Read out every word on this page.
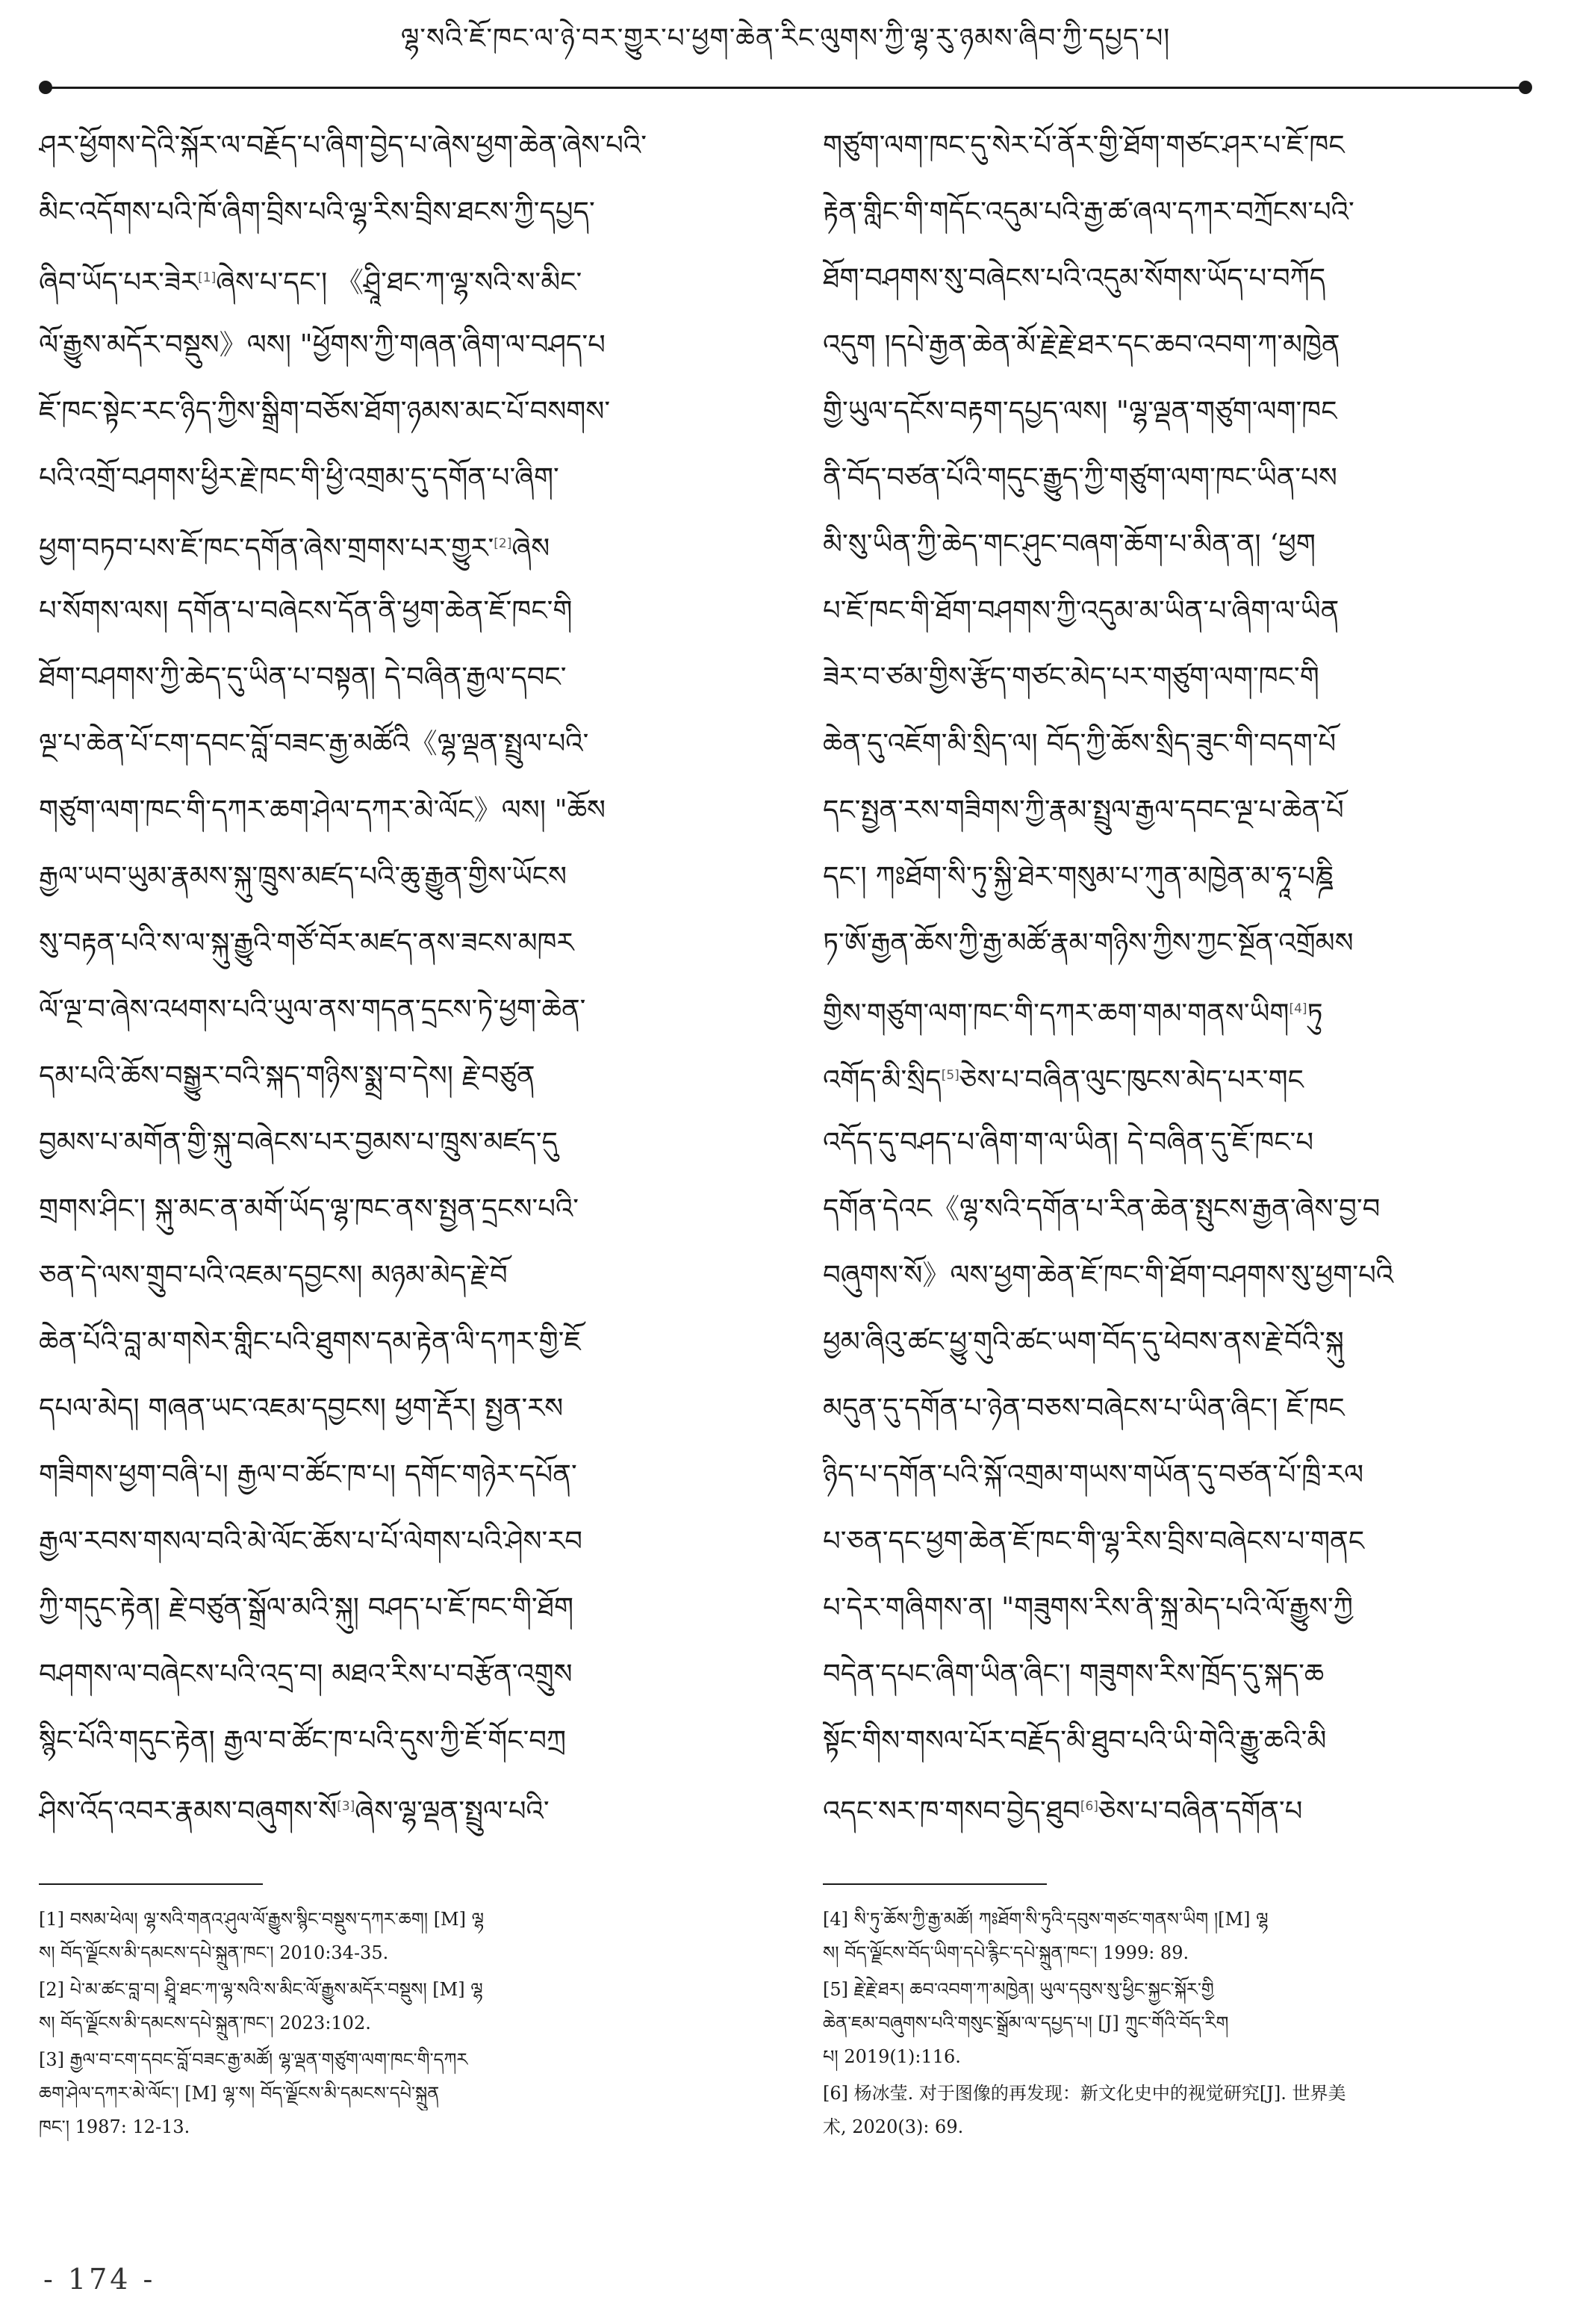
ལྷ་སའི་ཇོ་ཁང་ལ་ཉེ་བར་གྱུར་པ་ཕྱག་ཆེན་རིང་ལུགས་ཀྱི་ལྷ་རུ་ཉམས་ཞིབ་ཀྱི་དཔྱད་པ།
ཤར་ཕྱོགས་དེའི་སྐོར་ལ་བརྗོད་པ་ཞིག་བྱེད་པ་ཞེས་ཕྱག་ཆེན་ཞེས་པའི་
མིང་འདོགས་པའི་ཁོ་ཞིག་བྲིས་པའི་ལྷ་རིས་བྲིས་ཐངས་ཀྱི་དཔྱད་
ཞིབ་ཡོད་པར་ཟེར[1]ཞེས་པ་དང་། 《ཤྲཱི་ཐང་ཀ་ལྷ་སའི་ས་མིང་
ལོ་རྒྱུས་མདོར་བསྡུས》ལས། "ཕྱོགས་ཀྱི་གཞན་ཞིག་ལ་བཤད་པ
ཇོ་ཁང་སྟེང་རང་ཉིད་ཀྱིས་སྒྲིག་བཅོས་ཐོག་ཉམས་མང་པོ་བསགས་
པའི་འགྲོ་བཤགས་ཕྱིར་རྗེ་ཁང་གི་ཕྱི་འགྲམ་དུ་དགོན་པ་ཞིག་
ཕྱག་བཏབ་པས་ཇོ་ཁང་དགོན་ཞེས་གྲགས་པར་གྱུར་[2]ཞེས
པ་སོགས་ལས། དགོན་པ་བཞེངས་དོན་ནི་ཕྱག་ཆེན་ཇོ་ཁང་གི
ཐོག་བཤགས་ཀྱི་ཆེད་དུ་ཡིན་པ་བསྟན། དེ་བཞིན་རྒྱལ་དབང་
ལྔ་པ་ཆེན་པོ་ངག་དབང་བློ་བཟང་རྒྱ་མཚོའི《ལྷ་ལྡན་སྤྲུལ་པའི་
གཙུག་ལག་ཁང་གི་དཀར་ཆག་ཤེལ་དཀར་མེ་ལོང》ལས། "ཆོས
རྒྱལ་ཡབ་ཡུམ་རྣམས་སྐུ་ཁྲུས་མཛད་པའི་ཆུ་རྒྱུན་གྱིས་ཡོངས
སུ་བརྟན་པའི་ས་ལ་སྐུ་རྒྱུའི་གཙོ་བོར་མཛད་ནས་ཟངས་མཁར
ལོ་ལྔ་བ་ཞེས་འཕགས་པའི་ཡུལ་ནས་གདན་དྲངས་ཏེ་ཕྱག་ཆེན་
དམ་པའི་ཆོས་བསྒྱུར་བའི་སྐད་གཉིས་སྨྲ་བ་དེས། རྗེ་བཙུན
བྱམས་པ་མགོན་གྱི་སྐུ་བཞེངས་པར་བྱམས་པ་ཁྲུས་མཛད་དུ
གྲགས་ཤིང་། སྐུ་མང་ན་མགོ་ཡོད་ལྷ་ཁང་ནས་སྤྱན་དྲངས་པའི་
ཅན་དེ་ལས་གྲུབ་པའི་འཇམ་དབྱངས། མཉམ་མེད་རྗེ་བོ
ཆེན་པོའི་བླ་མ་གསེར་གླིང་པའི་ཐུགས་དམ་རྟེན་ལི་དཀར་གྱི་ཇོ
དཔལ་མེད། གཞན་ཡང་འཇམ་དབྱངས། ཕྱག་རྡོར། སྤྱན་རས
གཟིགས་ཕྱག་བཞི་པ། རྒྱལ་བ་ཚོང་ཁ་པ། དགོང་གཉེར་དཔོན་
རྒྱལ་རབས་གསལ་བའི་མེ་ལོང་ཆོས་པ་པོ་ལེགས་པའི་ཤེས་རབ
ཀྱི་གདུང་རྟེན། རྗེ་བཙུན་སྒྲོལ་མའི་སྐུ། བཤད་པ་ཇོ་ཁང་གི་ཐོག
བཤགས་ལ་བཞེངས་པའི་འདྲ་བ། མཐའ་རིས་པ་བརྩོན་འགྲུས
སྙིང་པོའི་གདུང་རྟེན། རྒྱལ་བ་ཚོང་ཁ་པའི་དུས་ཀྱི་ཇོ་གོང་བཀྲ
ཤིས་འོད་འབར་རྣམས་བཞུགས་སོ[3]ཞེས་ལྷ་ལྡན་སྤྲུལ་པའི་
གཙུག་ལག་ཁང་དུ་སེར་པོ་ནོར་གྱི་ཐོག་གཙང་ཤར་པ་ཇོ་ཁང
རྟེན་གླིང་གི་གདོང་འདུམ་པའི་རྒྱ་ཚ་ཞལ་དཀར་བཀྲོངས་པའི་
ཐོག་བཤགས་སུ་བཞེངས་པའི་འདུམ་སོགས་ཡོད་པ་བཀོད
འདུག །དཔེ་རྒྱན་ཆེན་མོ་རྗེ་རྗེ་ཐར་དང་ཆབ་འབག་ཀ་མཁྱེན
གྱི་ཡུལ་དངོས་བརྟག་དཔྱད་ལས། "ལྷ་ལྡན་གཙུག་ལག་ཁང
ནི་བོད་བཙན་པོའི་གདུང་རྒྱུད་ཀྱི་གཙུག་ལག་ཁང་ཡིན་པས
མི་སུ་ཡིན་ཀྱི་ཆེད་གང་ཤུང་བཞག་ཆོག་པ་མིན་ན། ‘ཕྱག
པ་ཇོ་ཁང་གི་ཐོག་བཤགས་ཀྱི་འདུམ་མ་ཡིན་པ་ཞིག་ལ་ཡིན
ཟེར་བ་ཙམ་གྱིས་རྩོད་གཙང་མེད་པར་གཙུག་ལག་ཁང་གི
ཆེན་དུ་འཇོག་མི་སྲིད་ལ། བོད་ཀྱི་ཆོས་སྲིད་ཟུང་གི་བདག་པོ
དང་སྤྱན་རས་གཟིགས་ཀྱི་རྣམ་སྤྲུལ་རྒྱལ་དབང་ལྔ་པ་ཆེན་པོ
དང་། ཀཿཐོག་སི་ཏུ་སྐྱི་ཐེར་གསུམ་པ་ཀུན་མཁྱེན་མ་ཧཱ་པཎྜི
ཏ་ཨོ་རྒྱན་ཆོས་ཀྱི་རྒྱ་མཚོ་རྣམ་གཉིས་ཀྱིས་ཀྱང་སྔོན་འགྲོམས
གྱིས་གཙུག་ལག་ཁང་གི་དཀར་ཆག་གམ་གནས་ཡིག[4]ཏུ
འགོད་མི་སྲིད[5]ཅེས་པ་བཞིན་ལུང་ཁུངས་མེད་པར་གང
འདོད་དུ་བཤད་པ་ཞིག་ག་ལ་ཡིན། དེ་བཞིན་དུ་ཇོ་ཁང་པ
དགོན་དེའང《ལྷ་སའི་དགོན་པ་རིན་ཆེན་སྤུངས་རྒྱན་ཞེས་བྱ་བ
བཞུགས་སོ》ལས་ཕྱག་ཆེན་ཇོ་ཁང་གི་ཐོག་བཤགས་སུ་ཕྱག་པའི
ཕྱམ་ཞིའུ་ཚང་ཕྱུ་གུའི་ཚང་ཡག་བོད་དུ་ཕེབས་ནས་རྗེ་བོའི་སྐུ
མདུན་དུ་དགོན་པ་ཉེན་བཅས་བཞེངས་པ་ཡིན་ཞིང་། ཇོ་ཁང
ཉིད་པ་དགོན་པའི་སྐོ་འགྲམ་གཡས་གཡོན་དུ་བཙན་པོ་ཁྲི་རལ
པ་ཅན་དང་ཕྱག་ཆེན་ཇོ་ཁང་གི་ལྷ་རིས་བྲིས་བཞེངས་པ་གནང
པ་དེར་གཞིགས་ན། "གཟུགས་རིས་ནི་སྐྲ་མེད་པའི་ལོ་རྒྱུས་ཀྱི
བདེན་དཔང་ཞིག་ཡིན་ཞིང་། གཟུགས་རིས་ཁྲོད་དུ་སྐད་ཆ
སྟོང་གིས་གསལ་པོར་བརྗོད་མི་ཐུབ་པའི་ཡི་གེའི་རྒྱུ་ཆའི་མི
འདང་སར་ཁ་གསབ་བྱེད་ཐུབ[6]ཅེས་པ་བཞིན་དགོན་པ
[1] བསམ་ཕེལ། ལྷ་སའི་གནའ་ཤུལ་ལོ་རྒྱུས་སྙིང་བསྡུས་དཀར་ཆག། [M] ལྷ
ས། བོད་ལྗོངས་མི་དམངས་དཔེ་སྐྲུན་ཁང་། 2010:34-35.
[2] པེ་མ་ཚང་བླ་བ། ཤྲཱི་ཐང་ཀ་ལྷ་སའི་ས་མིང་ལོ་རྒྱུས་མདོར་བསྡུས། [M] ལྷ
ས། བོད་ལྗོངས་མི་དམངས་དཔེ་སྐྲུན་ཁང་། 2023:102.
[3] རྒྱལ་བ་ངག་དབང་བློ་བཟང་རྒྱ་མཚོ། ལྷ་ལྡན་གཙུག་ལག་ཁང་གི་དཀར
ཆག་ཤེལ་དཀར་མེ་ལོང་། [M] ལྷ་ས། བོད་ལྗོངས་མི་དམངས་དཔེ་སྐྲུན
ཁང་། 1987: 12-13.
[4] སི་ཏུ་ཆོས་ཀྱི་རྒྱ་མཚོ། ཀཿཐོག་སི་ཏུའི་དབུས་གཙང་གནས་ཡིག །[M] ལྷ
ས། བོད་ལྗོངས་བོད་ཡིག་དཔེ་རྙིང་དཔེ་སྐྲུན་ཁང་། 1999: 89.
[5] རྗེ་རྗེ་ཐར། ཆབ་འབག་ཀ་མཁྱེན། ཡུལ་དབུས་སུ་ཕྱིང་སྐྱང་སྐོར་གྱི
ཆེན་ཇམ་བཞུགས་པའི་གསུང་སྒྲོམ་ལ་དཔྱད་པ། [J] ཀྲུང་གོའི་བོད་རིག
པ། 2019(1):116.
[6] 杨冰莹. 对于图像的再发现：新文化史中的视觉研究[J]. 世界美
术, 2020(3): 69.
- 174 -
